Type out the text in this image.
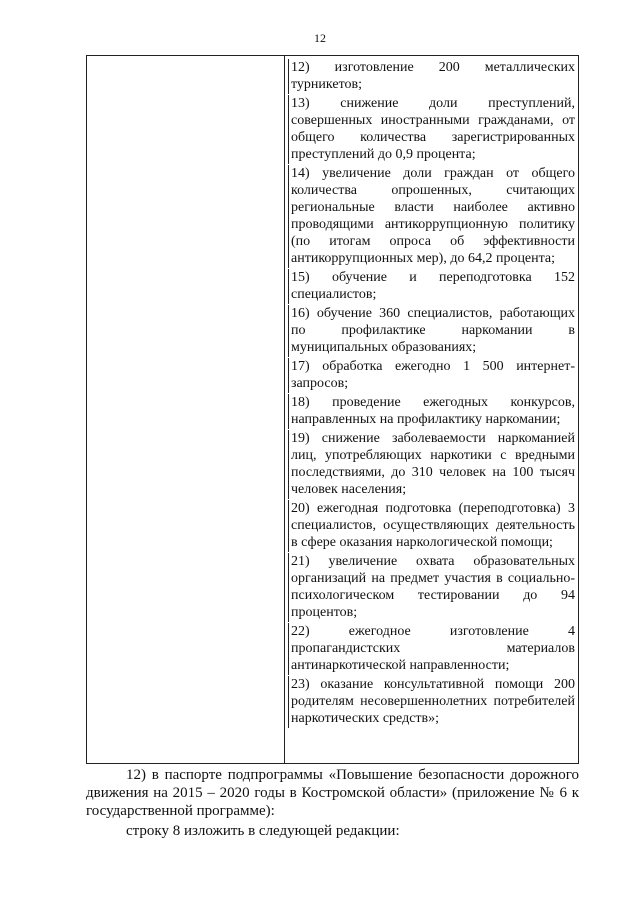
12

12) изготовление 200 металлических турникетов;

13) снижение доли преступлений, совершенных иностранными гражданами, от общего количества зарегистрированных преступлений до 0,9 процента;

14) увеличение доли граждан от общего количества опрошенных, считающих региональные власти наиболее активно проводящими антикоррупционную политику (по итогам опроса об эффективности антикоррупционных мер), до 64,2 процента;

15) обучение и переподготовка 152 специалистов;

16) обучение 360 специалистов, работающих по профилактике наркомании в муниципальных образованиях;

17) обработка ежегодно 1 500 интернет-запросов;

18) проведение ежегодных конкурсов, направленных на профилактику наркомании;

19) снижение заболеваемости наркоманией лиц, употребляющих наркотики с вредными последствиями, до 310 человек на 100 тысяч человек населения;

20) ежегодная подготовка (переподготовка) 3 специалистов, осуществляющих деятельность в сфере оказания наркологической помощи;

21) увеличение охвата образовательных организаций на предмет участия в социально-психологическом тестировании до 94 процентов;

22) ежегодное изготовление 4 пропагандистских материалов антинаркотической направленности;

23) оказание консультативной помощи 200 родителям несовершеннолетних потребителей наркотических средств»;

12) в паспорте подпрограммы «Повышение безопасности дорожного движения на 2015 – 2020 годы в Костромской области» (приложение № 6 к государственной программе):

строку 8 изложить в следующей редакции:
